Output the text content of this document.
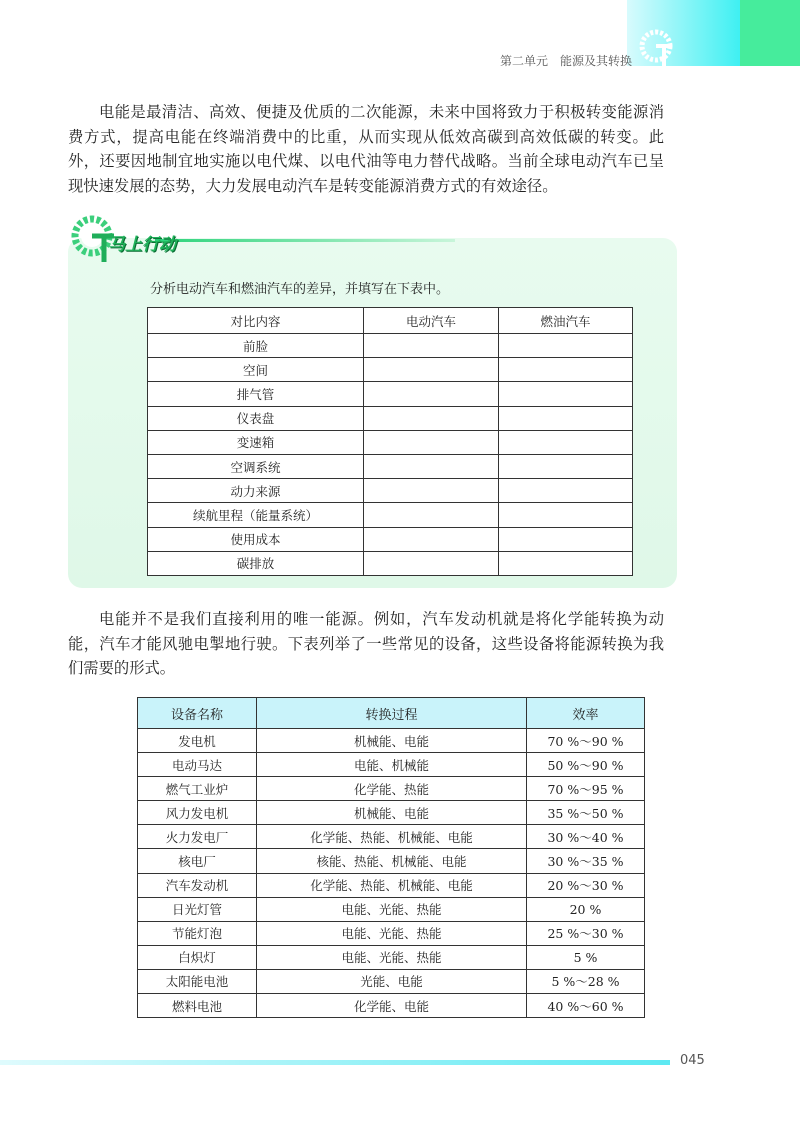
第二单元　能源及其转换

电能是最清洁、高效、便捷及优质的二次能源，未来中国将致力于积极转变能源消费方式，提高电能在终端消费中的比重，从而实现从低效高碳到高效低碳的转变。此外，还要因地制宜地实施以电代煤、以电代油等电力替代战略。当前全球电动汽车已呈现快速发展的态势，大力发展电动汽车是转变能源消费方式的有效途径。

马上行动
分析电动汽车和燃油汽车的差异，并填写在下表中。
对比内容	电动汽车	燃油汽车
前脸		
空间		
排气管		
仪表盘		
变速箱		
空调系统		
动力来源		
续航里程（能量系统）		
使用成本		
碳排放		

电能并不是我们直接利用的唯一能源。例如，汽车发动机就是将化学能转换为动能，汽车才能风驰电掣地行驶。下表列举了一些常见的设备，这些设备将能源转换为我们需要的形式。

设备名称	转换过程	效率
发电机	机械能、电能	70 %～90 %
电动马达	电能、机械能	50 %～90 %
燃气工业炉	化学能、热能	70 %～95 %
风力发电机	机械能、电能	35 %～50 %
火力发电厂	化学能、热能、机械能、电能	30 %～40 %
核电厂	核能、热能、机械能、电能	30 %～35 %
汽车发动机	化学能、热能、机械能、电能	20 %～30 %
日光灯管	电能、光能、热能	20 %
节能灯泡	电能、光能、热能	25 %～30 %
白炽灯	电能、光能、热能	5 %
太阳能电池	光能、电能	5 %～28 %
燃料电池	化学能、电能	40 %～60 %
045
